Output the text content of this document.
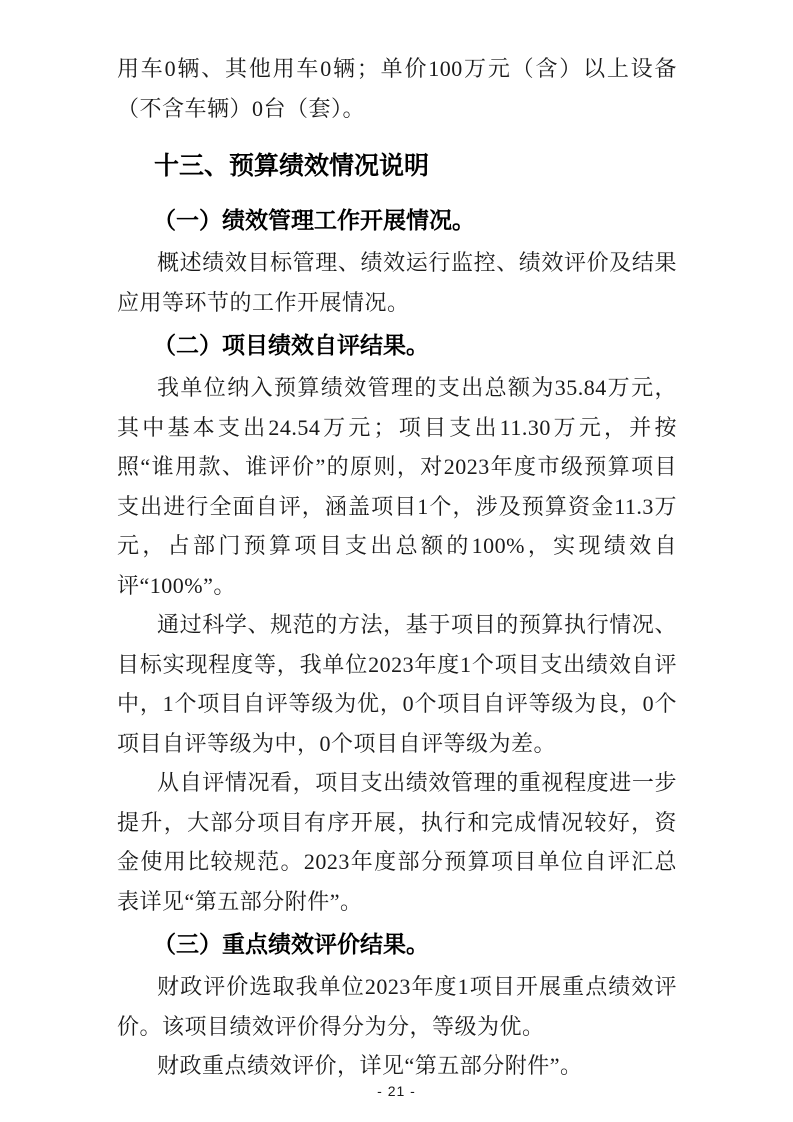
用车0辆、其他用车0辆；单价100万元（含）以上设备（不含车辆）0台（套）。

十三、预算绩效情况说明
（一）绩效管理工作开展情况。

概述绩效目标管理、绩效运行监控、绩效评价及结果应用等环节的工作开展情况。

（二）项目绩效自评结果。

我单位纳入预算绩效管理的支出总额为35.84万元，其中基本支出24.54万元；项目支出11.30万元，并按照“谁用款、谁评价”的原则，对2023年度市级预算项目支出进行全面自评，涵盖项目1个，涉及预算资金11.3万元，占部门预算项目支出总额的100%，实现绩效自评“100%”。

通过科学、规范的方法，基于项目的预算执行情况、目标实现程度等，我单位2023年度1个项目支出绩效自评中，1个项目自评等级为优，0个项目自评等级为良，0个项目自评等级为中，0个项目自评等级为差。

从自评情况看，项目支出绩效管理的重视程度进一步提升，大部分项目有序开展，执行和完成情况较好，资金使用比较规范。2023年度部分预算项目单位自评汇总表详见“第五部分附件”。

（三）重点绩效评价结果。

财政评价选取我单位2023年度1项目开展重点绩效评价。该项目绩效评价得分为分，等级为优。

财政重点绩效评价，详见“第五部分附件”。

- 21 -
